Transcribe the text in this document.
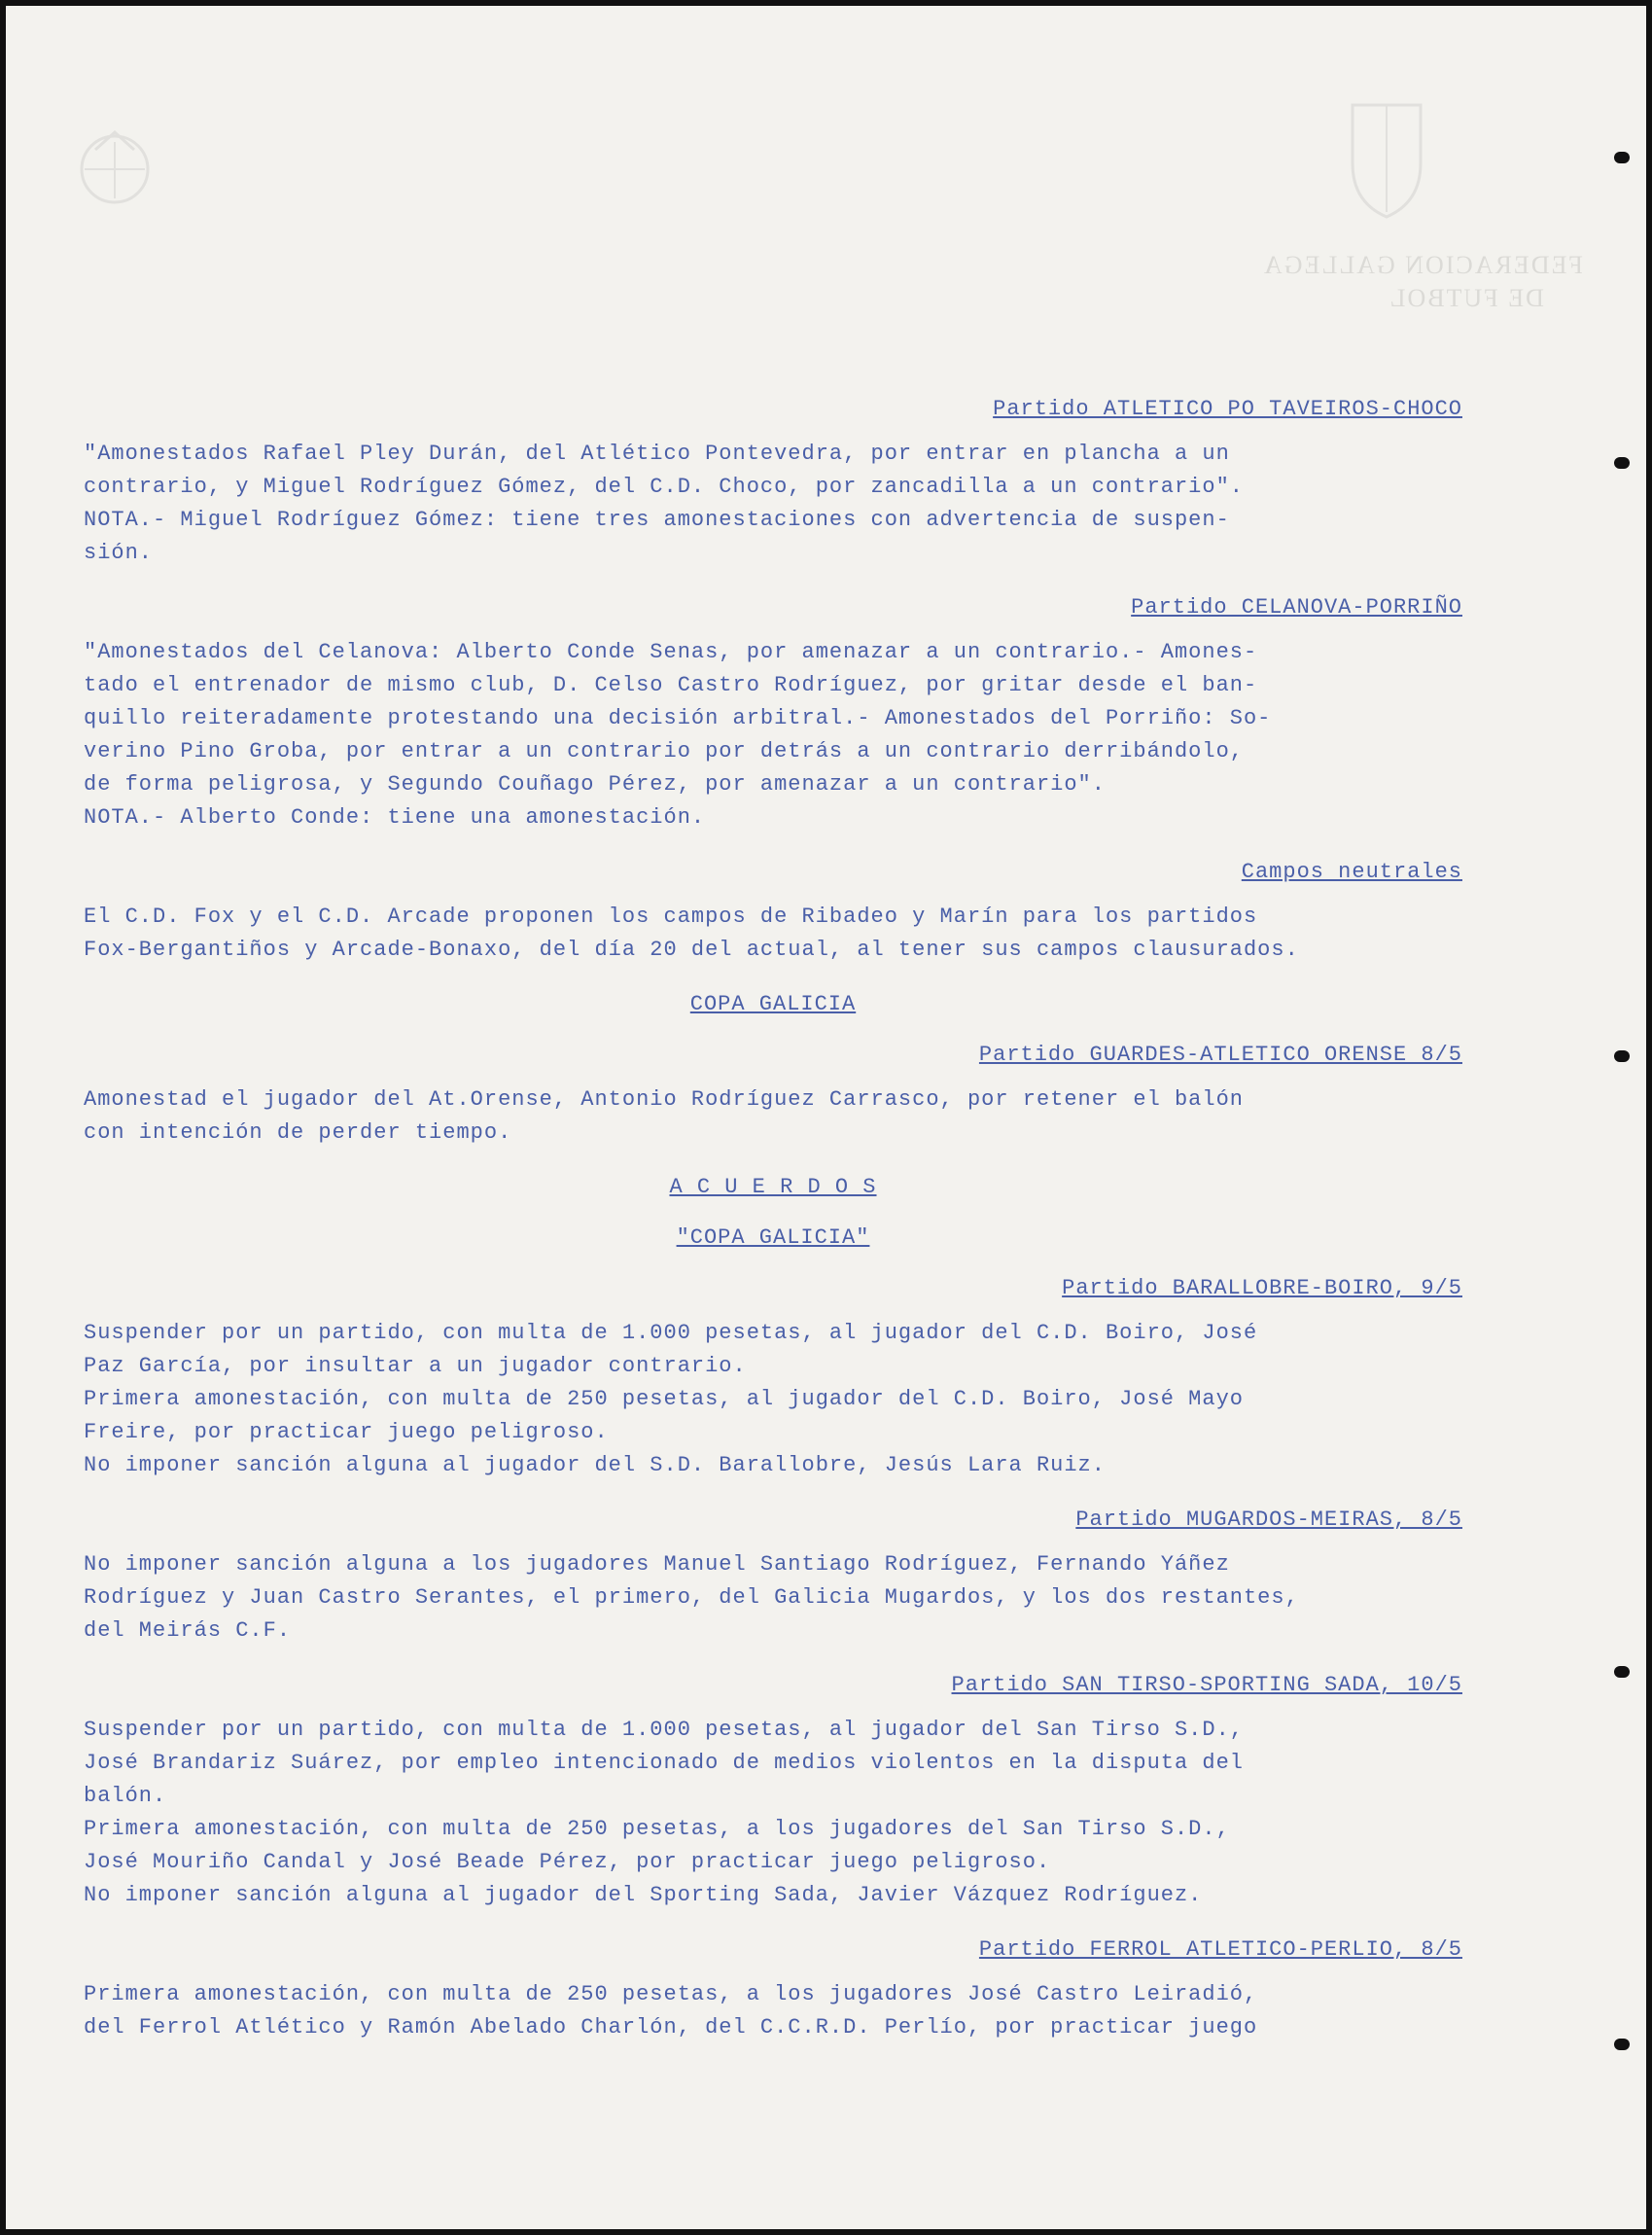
FEDERACION GALLEGA
DE FUTBOL
Partido ATLETICO PO TAVEIROS-CHOCO
"Amonestados Rafael Pley Durán, del Atlético Pontevedra, por entrar en plancha a un
contrario, y Miguel Rodríguez Gómez, del C.D. Choco, por zancadilla a un contrario".
NOTA.- Miguel Rodríguez Gómez: tiene tres amonestaciones con advertencia de suspen-
sión.
Partido CELANOVA-PORRIÑO
"Amonestados del Celanova: Alberto Conde Senas, por amenazar a un contrario.- Amones-
tado el entrenador de mismo club, D. Celso Castro Rodríguez, por gritar desde el ban-
quillo reiteradamente protestando una decisión arbitral.- Amonestados del Porriño: So-
verino Pino Groba, por entrar a un contrario por detrás a un contrario derribándolo,
de forma peligrosa, y Segundo Couñago Pérez, por amenazar a un contrario".
NOTA.- Alberto Conde: tiene una amonestación.
Campos neutrales
El C.D. Fox y el C.D. Arcade proponen los campos de Ribadeo y Marín para los partidos
Fox-Bergantiños y Arcade-Bonaxo, del día 20 del actual, al tener sus campos clausurados.
COPA GALICIA
Partido GUARDES-ATLETICO ORENSE 8/5
Amonestad el jugador del At.Orense, Antonio Rodríguez Carrasco, por retener el balón
con intención de perder tiempo.
A C U E R D O S
"COPA GALICIA"
Partido BARALLOBRE-BOIRO, 9/5
Suspender por un partido, con multa de 1.000 pesetas, al jugador del C.D. Boiro, José
Paz García, por insultar a un jugador contrario.
Primera amonestación, con multa de 250 pesetas, al jugador del C.D. Boiro, José Mayo
Freire, por practicar juego peligroso.
No imponer sanción alguna al jugador del S.D. Barallobre, Jesús Lara Ruiz.
Partido MUGARDOS-MEIRAS, 8/5
No imponer sanción alguna a los jugadores Manuel Santiago Rodríguez, Fernando Yáñez
Rodríguez y Juan Castro Serantes, el primero, del Galicia Mugardos, y los dos restantes,
del Meirás C.F.
Partido SAN TIRSO-SPORTING SADA, 10/5
Suspender por un partido, con multa de 1.000 pesetas, al jugador del San Tirso S.D.,
José Brandariz Suárez, por empleo intencionado de medios violentos en la disputa del
balón.
Primera amonestación, con multa de 250 pesetas, a los jugadores del San Tirso S.D.,
José Mouriño Candal y José Beade Pérez, por practicar juego peligroso.
No imponer sanción alguna al jugador del Sporting Sada, Javier Vázquez Rodríguez.
Partido FERROL ATLETICO-PERLIO, 8/5
Primera amonestación, con multa de 250 pesetas, a los jugadores José Castro Leiradió,
del Ferrol Atlético y Ramón Abelado Charlón, del C.C.R.D. Perlío, por practicar juego
